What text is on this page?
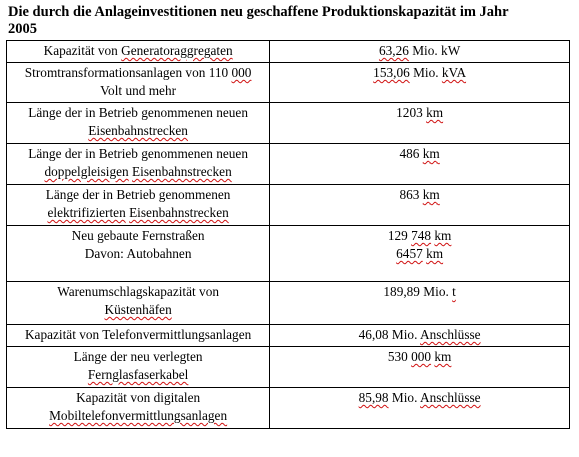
Die durch die Anlageinvestitionen neu geschaffene Produktionskapazität im Jahr
2005
Kapazität von Generatoraggregaten	63,26 Mio. kW

Stromtransformationsanlagen von 110 000
Volt und mehr	153,06 Mio. kVA

Länge der in Betrieb genommenen neuen
Eisenbahnstrecken	1203 km

Länge der in Betrieb genommenen neuen
doppelgleisigen Eisenbahnstrecken	486 km

Länge der in Betrieb genommenen
elektrifizierten Eisenbahnstrecken	863 km

Neu gebaute Fernstraßen
Davon: Autobahnen	129 748 km
6457 km

Warenumschlagskapazität von
Küstenhäfen	189,89 Mio. t

Kapazität von Telefonvermittlungsanlagen	46,08 Mio. Anschlüsse

Länge der neu verlegten
Fernglasfaserkabel	530 000 km

Kapazität von digitalen
Mobiltelefonvermittlungsanlagen	85,98 Mio. Anschlüsse
